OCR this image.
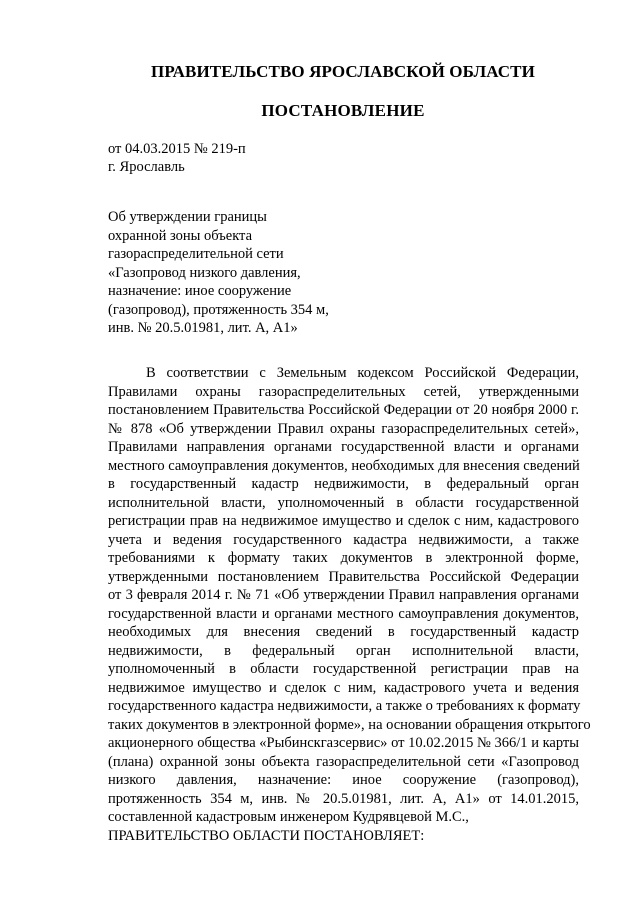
ПРАВИТЕЛЬСТВО ЯРОСЛАВСКОЙ ОБЛАСТИ
ПОСТАНОВЛЕНИЕ
от 04.03.2015 № 219-п
г. Ярославль
Об утверждении границы
охранной зоны объекта
газораспределительной сети
«Газопровод низкого давления,
назначение: иное сооружение
(газопровод), протяженность 354 м,
инв. № 20.5.01981, лит. А, А1»
В соответствии с Земельным кодексом Российской Федерации,
Правилами охраны газораспределительных сетей, утвержденными
постановлением Правительства Российской Федерации от 20 ноября 2000 г.
№ 878 «Об утверждении Правил охраны газораспределительных сетей»,
Правилами направления органами государственной власти и органами
местного самоуправления документов, необходимых для внесения сведений
в государственный кадастр недвижимости, в федеральный орган
исполнительной власти, уполномоченный в области государственной
регистрации прав на недвижимое имущество и сделок с ним, кадастрового
учета и ведения государственного кадастра недвижимости, а также
требованиями к формату таких документов в электронной форме,
утвержденными постановлением Правительства Российской Федерации
от 3 февраля 2014 г. № 71 «Об утверждении Правил направления органами
государственной власти и органами местного самоуправления документов,
необходимых для внесения сведений в государственный кадастр
недвижимости, в федеральный орган исполнительной власти,
уполномоченный в области государственной регистрации прав на
недвижимое имущество и сделок с ним, кадастрового учета и ведения
государственного кадастра недвижимости, а также о требованиях к формату
таких документов в электронной форме», на основании обращения открытого
акционерного общества «Рыбинскгазсервис» от 10.02.2015 № 366/1 и карты
(плана) охранной зоны объекта газораспределительной сети «Газопровод
низкого давления, назначение: иное сооружение (газопровод),
протяженность 354 м, инв. № 20.5.01981, лит. А, А1» от 14.01.2015,
составленной кадастровым инженером Кудрявцевой М.С.,
ПРАВИТЕЛЬСТВО ОБЛАСТИ ПОСТАНОВЛЯЕТ:
